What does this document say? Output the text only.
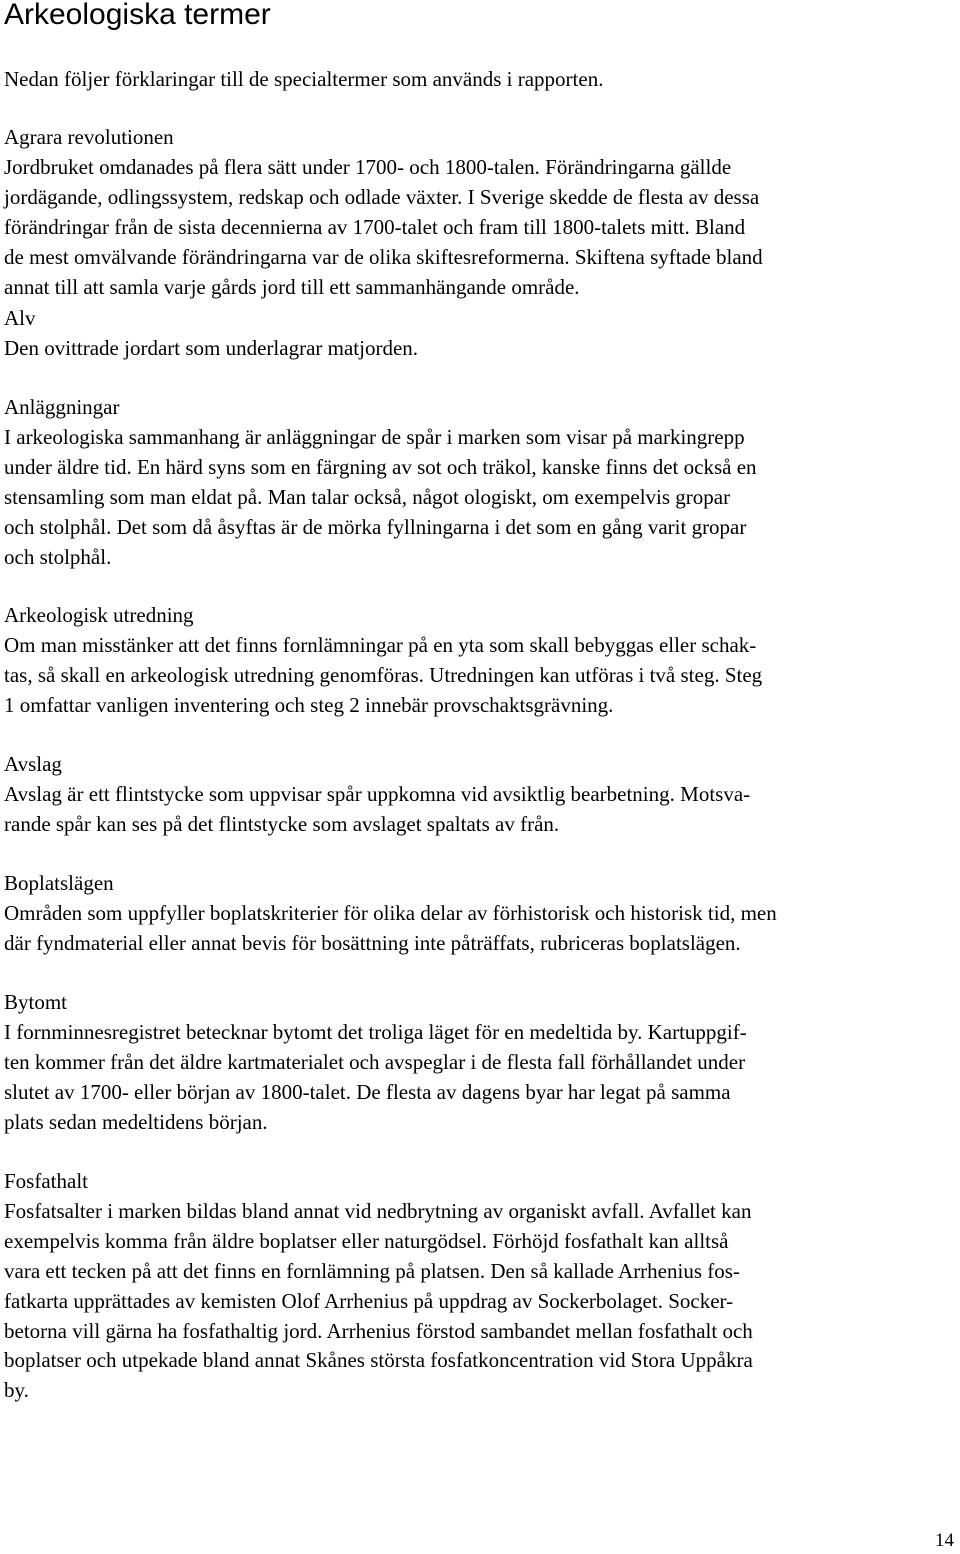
Arkeologiska termer
Nedan följer förklaringar till de specialtermer som används i rapporten.
Agrara revolutionen
Jordbruket omdanades på flera sätt under 1700- och 1800-talen. Förändringarna gällde
jordägande, odlingssystem, redskap och odlade växter. I Sverige skedde de flesta av dessa
förändringar från de sista decennierna av 1700-talet och fram till 1800-talets mitt. Bland
de mest omvälvande förändringarna var de olika skiftesreformerna. Skiftena syftade bland
annat till att samla varje gårds jord till ett sammanhängande område.
Alv
Den ovittrade jordart som underlagrar matjorden.
Anläggningar
I arkeologiska sammanhang är anläggningar de spår i marken som visar på markingrepp
under äldre tid. En härd syns som en färgning av sot och träkol, kanske finns det också en
stensamling som man eldat på. Man talar också, något ologiskt, om exempelvis gropar
och stolphål. Det som då åsyftas är de mörka fyllningarna i det som en gång varit gropar
och stolphål.
Arkeologisk utredning
Om man misstänker att det finns fornlämningar på en yta som skall bebyggas eller schak-
tas, så skall en arkeologisk utredning genomföras. Utredningen kan utföras i två steg. Steg
1 omfattar vanligen inventering och steg 2 innebär provschaktsgrävning.
Avslag
Avslag är ett flintstycke som uppvisar spår uppkomna vid avsiktlig bearbetning. Motsva-
rande spår kan ses på det flintstycke som avslaget spaltats av från.
Boplatslägen
Områden som uppfyller boplatskriterier för olika delar av förhistorisk och historisk tid, men
där fyndmaterial eller annat bevis för bosättning inte påträffats, rubriceras boplatslägen.
Bytomt
I fornminnesregistret betecknar bytomt det troliga läget för en medeltida by. Kartuppgif-
ten kommer från det äldre kartmaterialet och avspeglar i de flesta fall förhållandet under
slutet av 1700- eller början av 1800-talet. De flesta av dagens byar har legat på samma
plats sedan medeltidens början.
Fosfathalt
Fosfatsalter i marken bildas bland annat vid nedbrytning av organiskt avfall. Avfallet kan
exempelvis komma från äldre boplatser eller naturgödsel. Förhöjd fosfathalt kan alltså
vara ett tecken på att det finns en fornlämning på platsen. Den så kallade Arrhenius fos-
fatkarta upprättades av kemisten Olof Arrhenius på uppdrag av Sockerbolaget. Socker-
betorna vill gärna ha fosfathaltig jord. Arrhenius förstod sambandet mellan fosfathalt och
boplatser och utpekade bland annat Skånes största fosfatkoncentration vid Stora Uppåkra
by.
14
